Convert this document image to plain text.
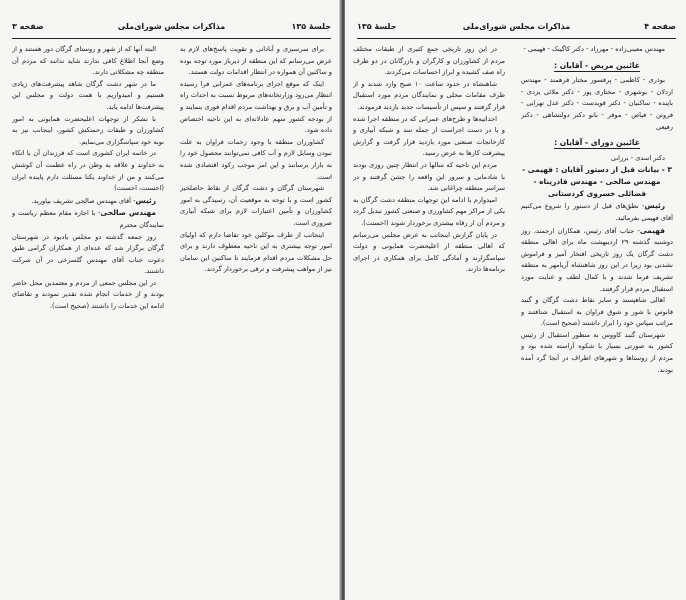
مذاکرات مجلس شورای‌ملی	جلسهٔ ۱۳۵
صفحه ۳

برای سرسبزی و آبادانی و تقویت پاسخ‌های لازم به عرض می‌رسانم که این منطقه از دیرباز مورد توجه بوده و ساکنین آن همواره در انتظار اقدامات دولت هستند.

اینک که موقع اجرای برنامه‌های عمرانی فرا رسیده انتظار می‌رود وزارتخانه‌های مربوط نسبت به احداث راه و تأمین آب و برق و بهداشت مردم اقدام فوری بنمایند و از بودجه کشور سهم عادلانه‌ای به این ناحیه اختصاص داده شود.

کشاورزان منطقه با وجود زحمات فراوان به علت نبودن وسایل لازم و آب کافی نمی‌توانند محصول خود را به بازار برسانند و این امر موجب رکود اقتصادی شده است.

شهرستان گرگان و دشت گرگان از نقاط حاصلخیز کشور است و با توجه به موقعیت آن، رسیدگی به امور کشاورزان و تأمین اعتبارات لازم برای شبکه آبیاری ضروری است.

اینجانب از طرف موکلین خود تقاضا دارم که اولیای امور توجه بیشتری به این ناحیه معطوف دارند و برای حل مشکلات مردم اقدام فرمایند تا ساکنین این سامان نیز از مواهب پیشرفت و ترقی برخوردار گردند.

البته آنها که از شهر و روستای گرگان دور هستند و از وضع آنجا اطلاع کافی ندارند شاید ندانند که مردم آن منطقه چه مشکلاتی دارند.

ما در شهر دشت گرگان شاهد پیشرفت‌های زیادی هستیم و امیدواریم با همت دولت و مجلس این پیشرفت‌ها ادامه یابد.

با تشکر از توجهات اعلیحضرت همایونی به امور کشاورزان و طبقات زحمتکش کشور، اینجانب نیز به نوبه خود سپاسگزاری می‌نمایم.

در خاتمه ایران کشوری است که فرزندان آن با اتکاء به خداوند و علاقه به وطن در راه عظمت آن کوشش می‌کنند و من از خداوند یکتا مسئلت دارم پاینده ایران (احسنت، احسنت)

رئیس- آقای مهندس صالحی تشریف بیاورید.

مهندس صالحی- با اجازه مقام معظم ریاست و نمایندگان محترم

روز جمعه گذشته دو مجلس یادبود در شهرستان گرگان برگزار شد که عده‌ای از همکاران گرامی طبق دعوت جناب آقای مهندس گلسرخی در آن شرکت داشتند.

در این مجلس جمعی از مردم و معتمدین محل حاضر بودند و از خدمات انجام شده تقدیر نمودند و تقاضای ادامه این خدمات را داشتند (صحیح است).

مذاکرات مجلس شورای‌ملی	صفحه ۴
جلسهٔ ۱۳۵

مهندس معینی‌زاده - مهرزاد - دکتر کاگینک - فهیمی -

غائبین مریض - آقایان :

بوذری - کاظمی - پرفسور مختار فرهمند - مهندس اردلان - بوشهری - مختاری پور - دکتر ملائی یزدی - باپنده - ساکنیان - دکتر قویدست - دکتر عدل تهرانی - فروتن - فیاض - موقر - بانو دکتر دولتشاهی - دکتر رفیعی

غائبین دورای - آقایان :

دکتر اسدی - برزانی

۳ - بیانات قبل از دستور آقایان : فهیمی - مهندس صالحی - مهندس قادرپناه - فضائلی خسروی کردستانی

رئیس- نطق‌های قبل از دستور را شروع می‌کنیم آقای فهیمی بفرمائید.

فهیمی- جناب آقای رئیس، همکاران ارجمند، روز دوشنبه گذشته ۲۹ اردیبهشت ماه برای اهالی منطقه دشت گرگان یک روز تاریخی افتخار آمیز و فراموش نشدنی بود زیرا در این روز شاهنشاه آریامهر به منطقه تشریف فرما شدند و با کمال لطف و عنایت مورد استقبال مردم قرار گرفتند.

اهالی شاهپسند و سایر نقاط دشت گرگان و گنبد قابوس با شور و شوق فراوان به استقبال شتافتند و مراتب سپاس خود را ابراز داشتند (صحیح است).

شهرستان گنبد کاووس به منظور استقبال از رئیس کشور به صورتی بسیار با شکوه آراسته شده بود و مردم از روستاها و شهرهای اطراف در آنجا گرد آمده بودند.

در این روز تاریخی جمع کثیری از طبقات مختلف مردم از کشاورزان و کارگران و بازرگانان در دو طرف راه صف کشیده و ابراز احساسات می‌کردند.

شاهنشاه در حدود ساعت ۱۰ صبح وارد شدند و از طرف مقامات محلی و نمایندگان مردم مورد استقبال قرار گرفتند و سپس از تأسیسات جدید بازدید فرمودند.

احداثیه‌ها و طرح‌های عمرانی که در منطقه اجرا شده و یا در دست اجراست از جمله سد و شبکه آبیاری و کارخانجات صنعتی مورد بازدید قرار گرفت و گزارش پیشرفت کارها به عرض رسید.

مردم این ناحیه که سالها در انتظار چنین روزی بودند با شادمانی و سرور این واقعه را جشن گرفتند و در سراسر منطقه چراغانی شد.

امیدوارم با ادامه این توجهات منطقه دشت گرگان به یکی از مراکز مهم کشاورزی و صنعتی کشور تبدیل گردد و مردم آن از رفاه بیشتری برخوردار شوند (احسنت).

در پایان گزارش اینجانب به عرض مجلس می‌رسانم که اهالی منطقه از اعلیحضرت همایونی و دولت سپاسگزارند و آمادگی کامل برای همکاری در اجرای برنامه‌ها دارند.
